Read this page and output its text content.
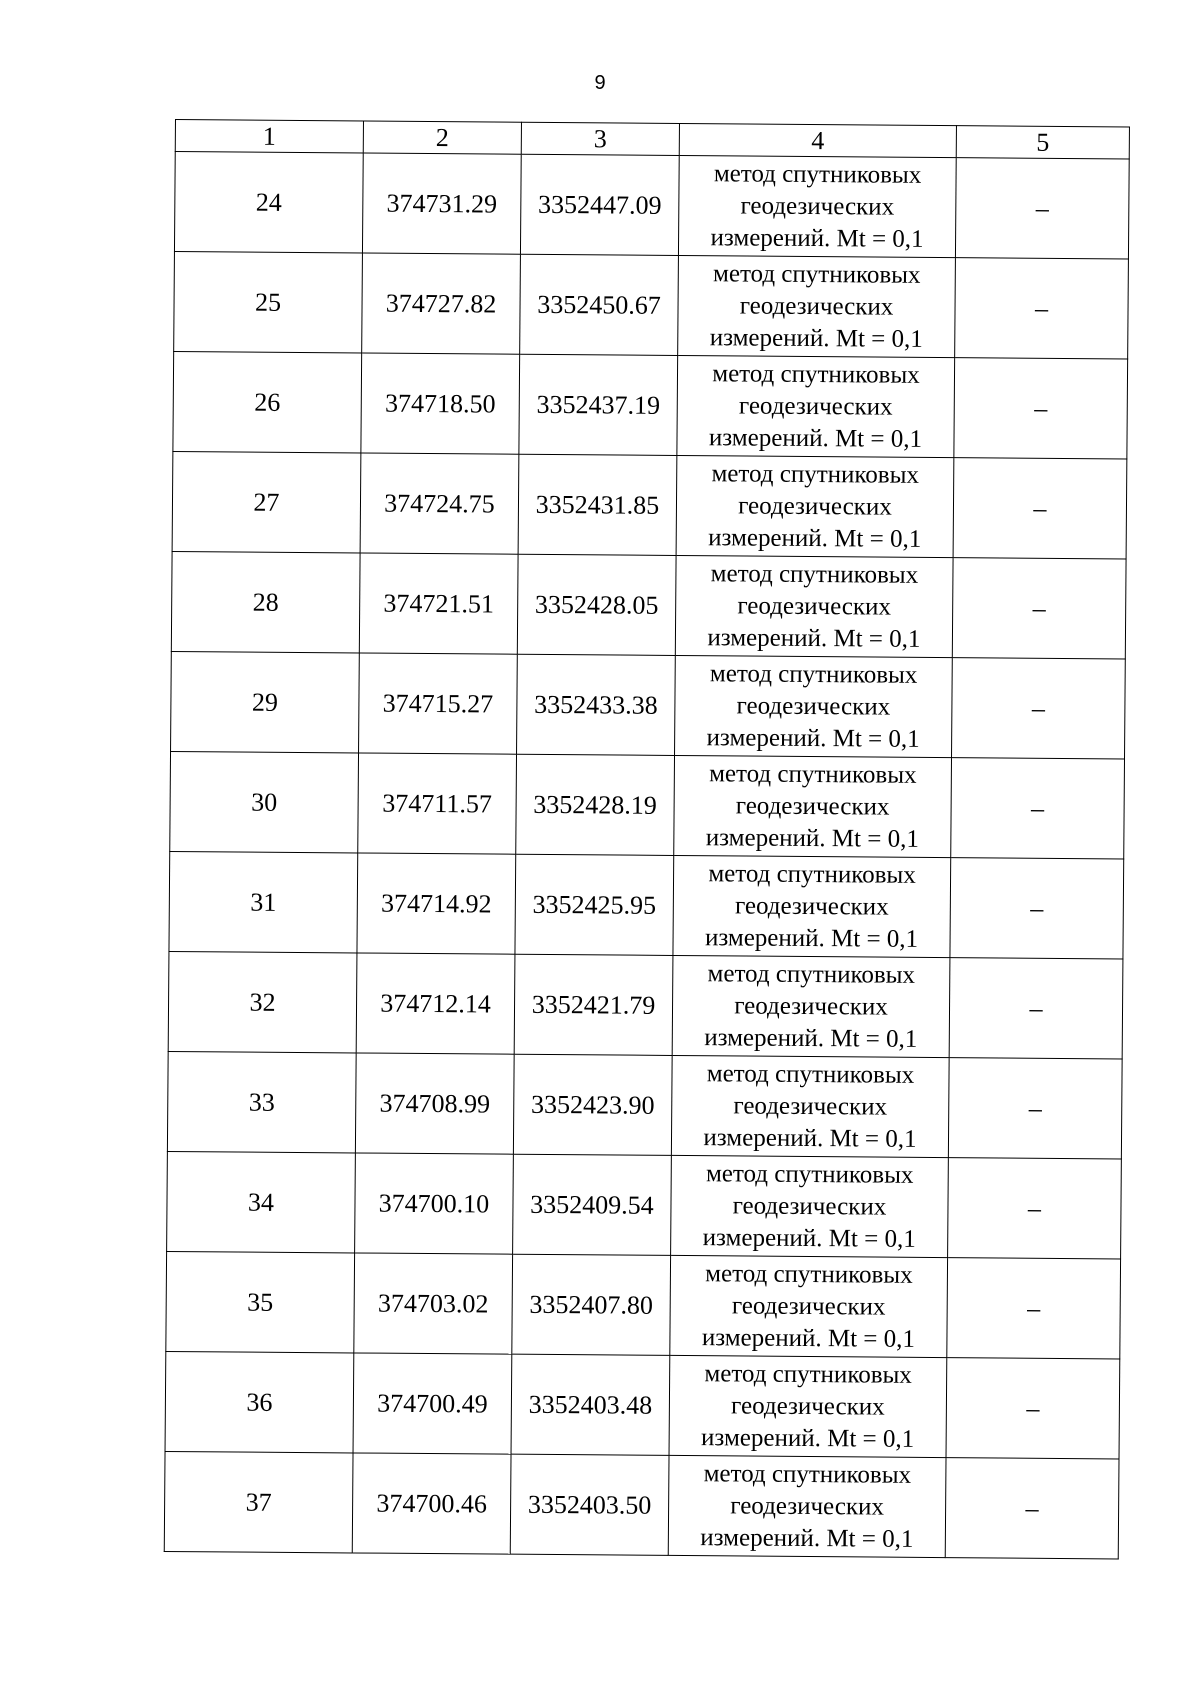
9
1	2	3	4	5
24	374731.29	3352447.09	метод спутниковых
геодезических
измерений. Mt = 0,1	–
25	374727.82	3352450.67	метод спутниковых
геодезических
измерений. Mt = 0,1	–
26	374718.50	3352437.19	метод спутниковых
геодезических
измерений. Mt = 0,1	–
27	374724.75	3352431.85	метод спутниковых
геодезических
измерений. Mt = 0,1	–
28	374721.51	3352428.05	метод спутниковых
геодезических
измерений. Mt = 0,1	–
29	374715.27	3352433.38	метод спутниковых
геодезических
измерений. Mt = 0,1	–
30	374711.57	3352428.19	метод спутниковых
геодезических
измерений. Mt = 0,1	–
31	374714.92	3352425.95	метод спутниковых
геодезических
измерений. Mt = 0,1	–
32	374712.14	3352421.79	метод спутниковых
геодезических
измерений. Mt = 0,1	–
33	374708.99	3352423.90	метод спутниковых
геодезических
измерений. Mt = 0,1	–
34	374700.10	3352409.54	метод спутниковых
геодезических
измерений. Mt = 0,1	–
35	374703.02	3352407.80	метод спутниковых
геодезических
измерений. Mt = 0,1	–
36	374700.49	3352403.48	метод спутниковых
геодезических
измерений. Mt = 0,1	–
37	374700.46	3352403.50	метод спутниковых
геодезических
измерений. Mt = 0,1	–
